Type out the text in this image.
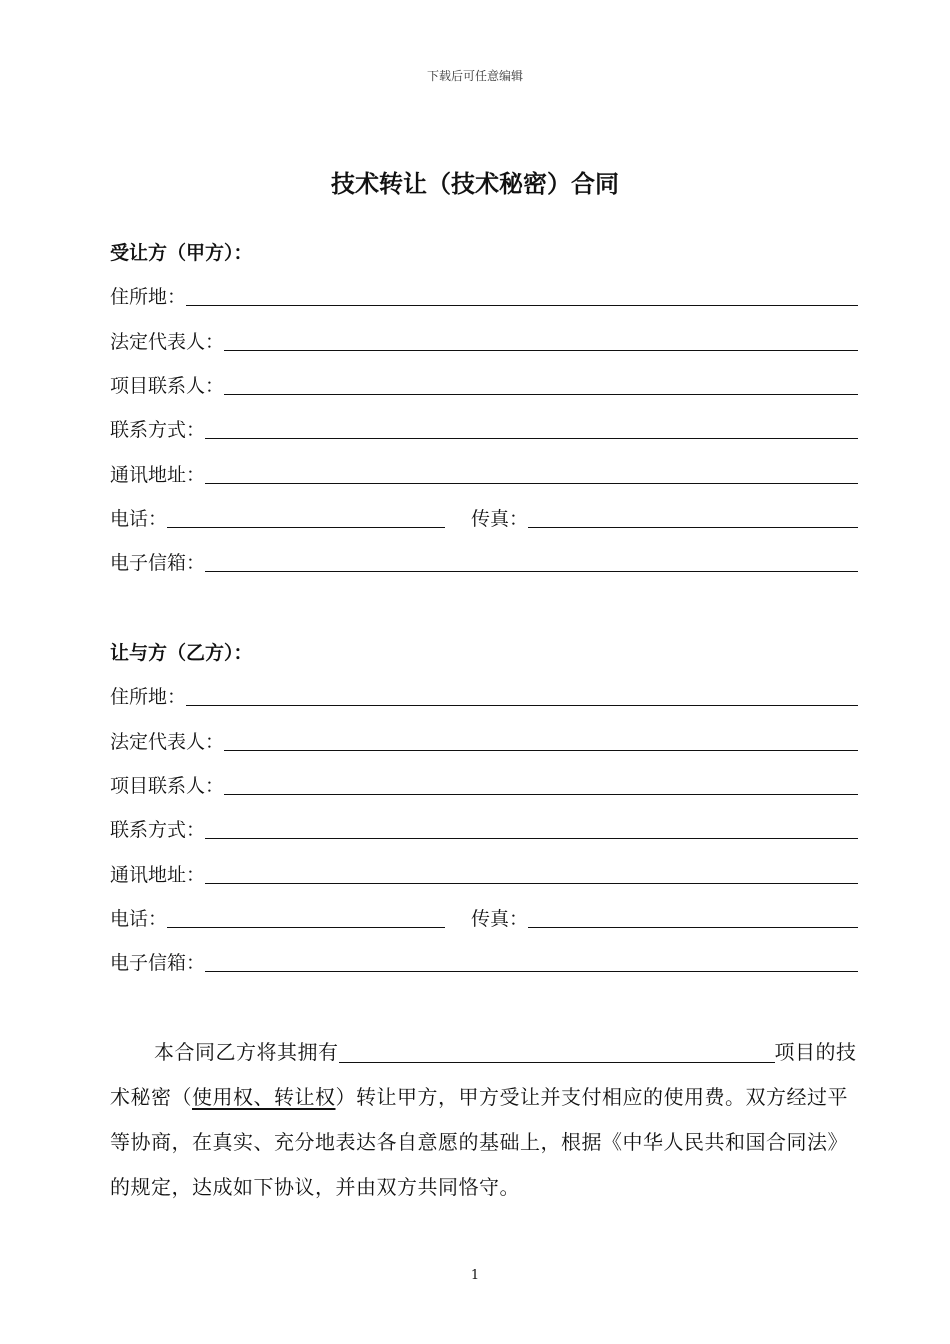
下载后可任意编辑
技术转让（技术秘密）合同
受让方（甲方）：
住所地：
法定代表人：
项目联系人：
联系方式：
通讯地址：
电话：	传真：
电子信箱：
让与方（乙方）：
住所地：
法定代表人：
项目联系人：
联系方式：
通讯地址：
电话：	传真：
电子信箱：
本合同乙方将其拥有	项目的技术秘密（使用权、转让权）转让甲方，甲方受让并支付相应的使用费。双方经过平等协商，在真实、充分地表达各自意愿的基础上，根据《中华人民共和国合同法》的规定，达成如下协议，并由双方共同恪守。
1
